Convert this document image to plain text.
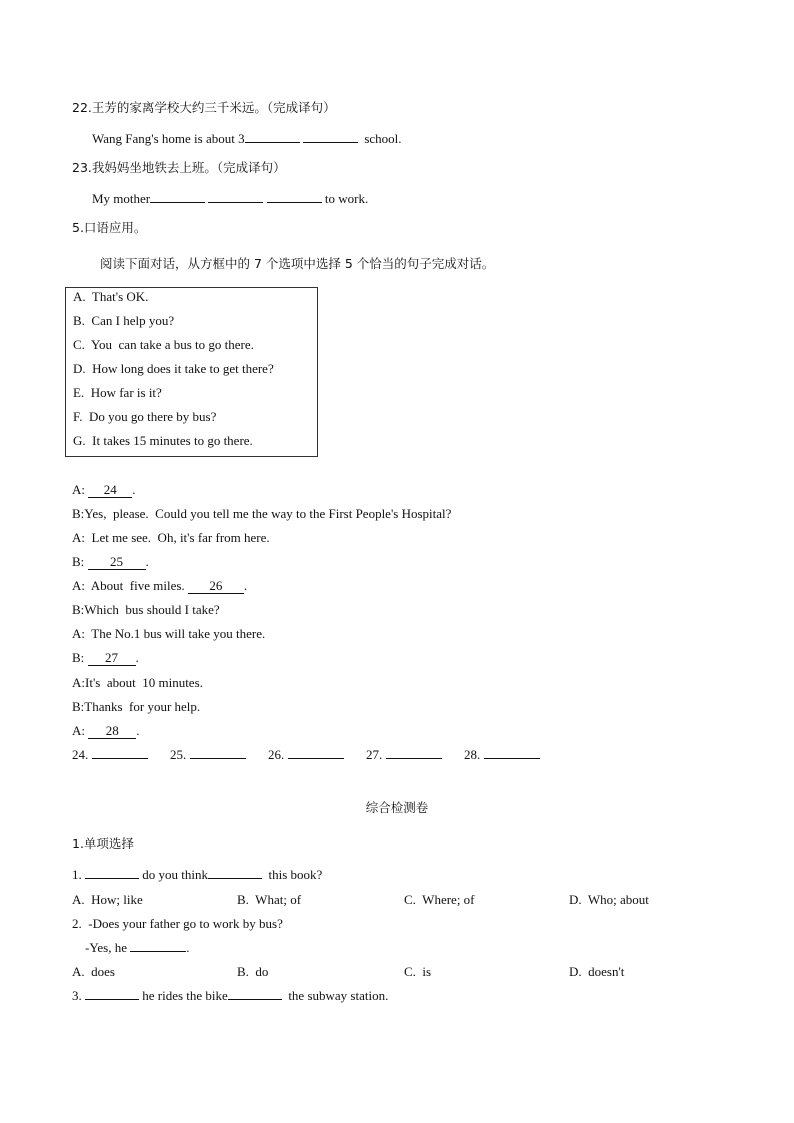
22.王芳的家离学校大约三千米远。（完成译句）
Wang Fang's home is about 3	school.
23.我妈妈坐地铁去上班。（完成译句）
My mother	to work.
5.口语应用。
阅读下面对话，从方框中的 7 个选项中选择 5 个恰当的句子完成对话。
A.  That's OK.
B.  Can I help you?
C.  You  can take a bus to go there.
D.  How long does it take to get there?
E.  How far is it?
F.  Do you go there by bus?
G.  It takes 15 minutes to go there.
A: 24 .
B:Yes,  please.  Could you tell me the way to the First People's Hospital?
A:  Let me see.  Oh, it's far from here.
B: 25 .
A:  About  five miles. 26 .
B:Which  bus should I take?
A:  The No.1 bus will take you there.
B: 27 .
A:It's  about  10 minutes.
B:Thanks  for your help.
A: 28 .
24.	25.	26.	27.	28.
综合检测卷
1.单项选择
1.	do you think	this book?
A.  How; like	B.  What; of	C.  Where; of	D.  Who; about
2.  -Does your father go to work by bus?
-Yes, he	.
A.  does	B.  do	C.  is	D.  doesn't
3.	he rides the bike	the subway station.
